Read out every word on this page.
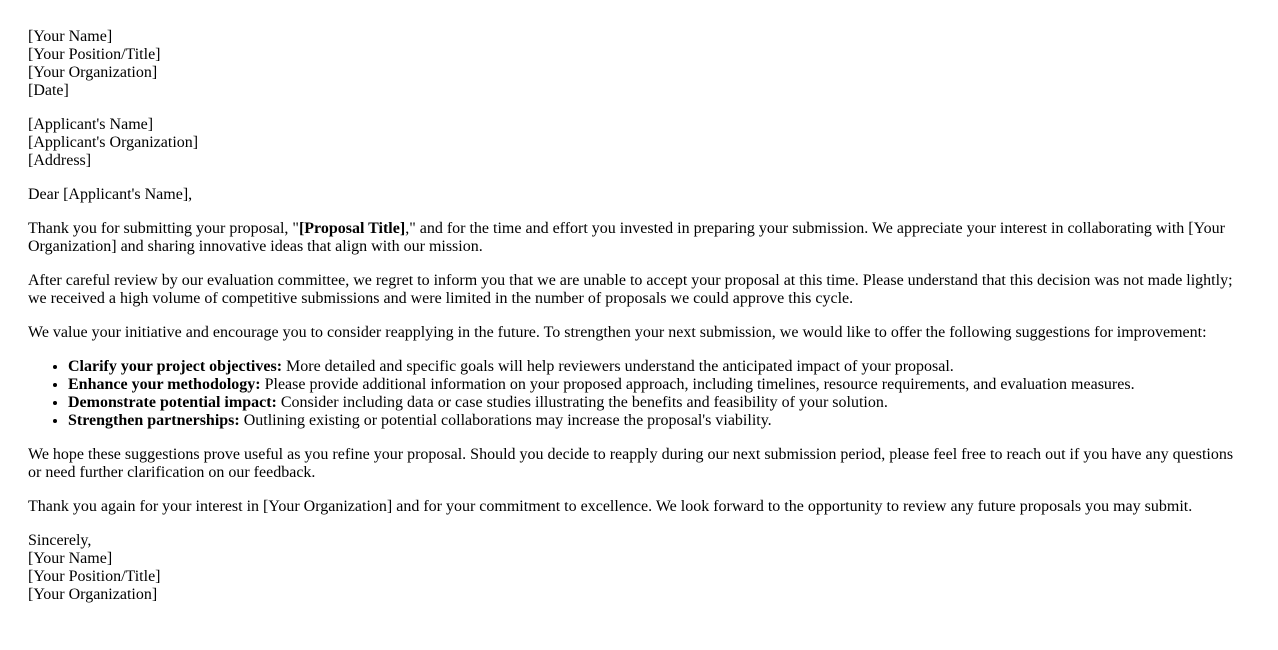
[Your Name]
[Your Position/Title]
[Your Organization]
[Date]
[Applicant's Name]
[Applicant's Organization]
[Address]

Dear [Applicant's Name],

Thank you for submitting your proposal, "[Proposal Title]," and for the time and effort you invested in preparing your submission. We appreciate your interest in collaborating with [Your Organization] and sharing innovative ideas that align with our mission.

After careful review by our evaluation committee, we regret to inform you that we are unable to accept your proposal at this time. Please understand that this decision was not made lightly; we received a high volume of competitive submissions and were limited in the number of proposals we could approve this cycle.

We value your initiative and encourage you to consider reapplying in the future. To strengthen your next submission, we would like to offer the following suggestions for improvement:

• Clarify your project objectives: More detailed and specific goals will help reviewers understand the anticipated impact of your proposal.
• Enhance your methodology: Please provide additional information on your proposed approach, including timelines, resource requirements, and evaluation measures.
• Demonstrate potential impact: Consider including data or case studies illustrating the benefits and feasibility of your solution.
• Strengthen partnerships: Outlining existing or potential collaborations may increase the proposal's viability.

We hope these suggestions prove useful as you refine your proposal. Should you decide to reapply during our next submission period, please feel free to reach out if you have any questions or need further clarification on our feedback.

Thank you again for your interest in [Your Organization] and for your commitment to excellence. We look forward to the opportunity to review any future proposals you may submit.

Sincerely,
[Your Name]
[Your Position/Title]
[Your Organization]
